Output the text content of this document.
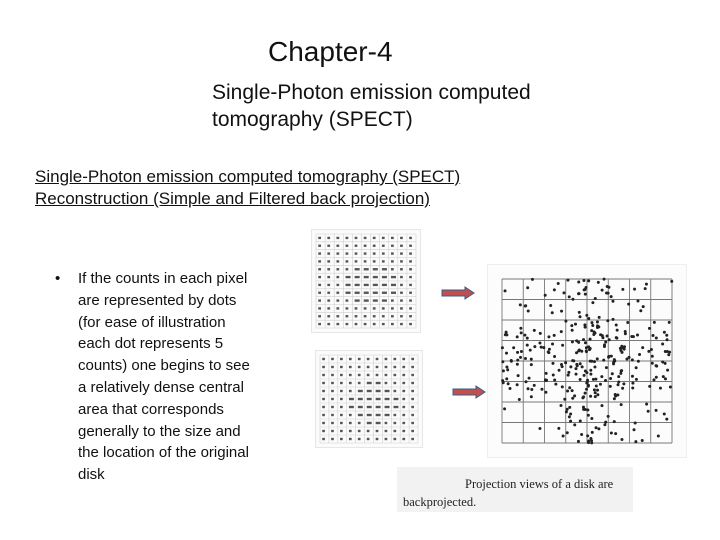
Chapter-4
Single-Photon emission computed tomography (SPECT)
Single-Photon emission computed tomography (SPECT)
Reconstruction (Simple and Filtered back projection)
• If the counts in each pixel are represented by dots (for ease of illustration each dot represents 5 counts) one begins to see a relatively dense central area that corresponds generally to the size and the location of the original disk
Projection views of a disk are
backprojected.
